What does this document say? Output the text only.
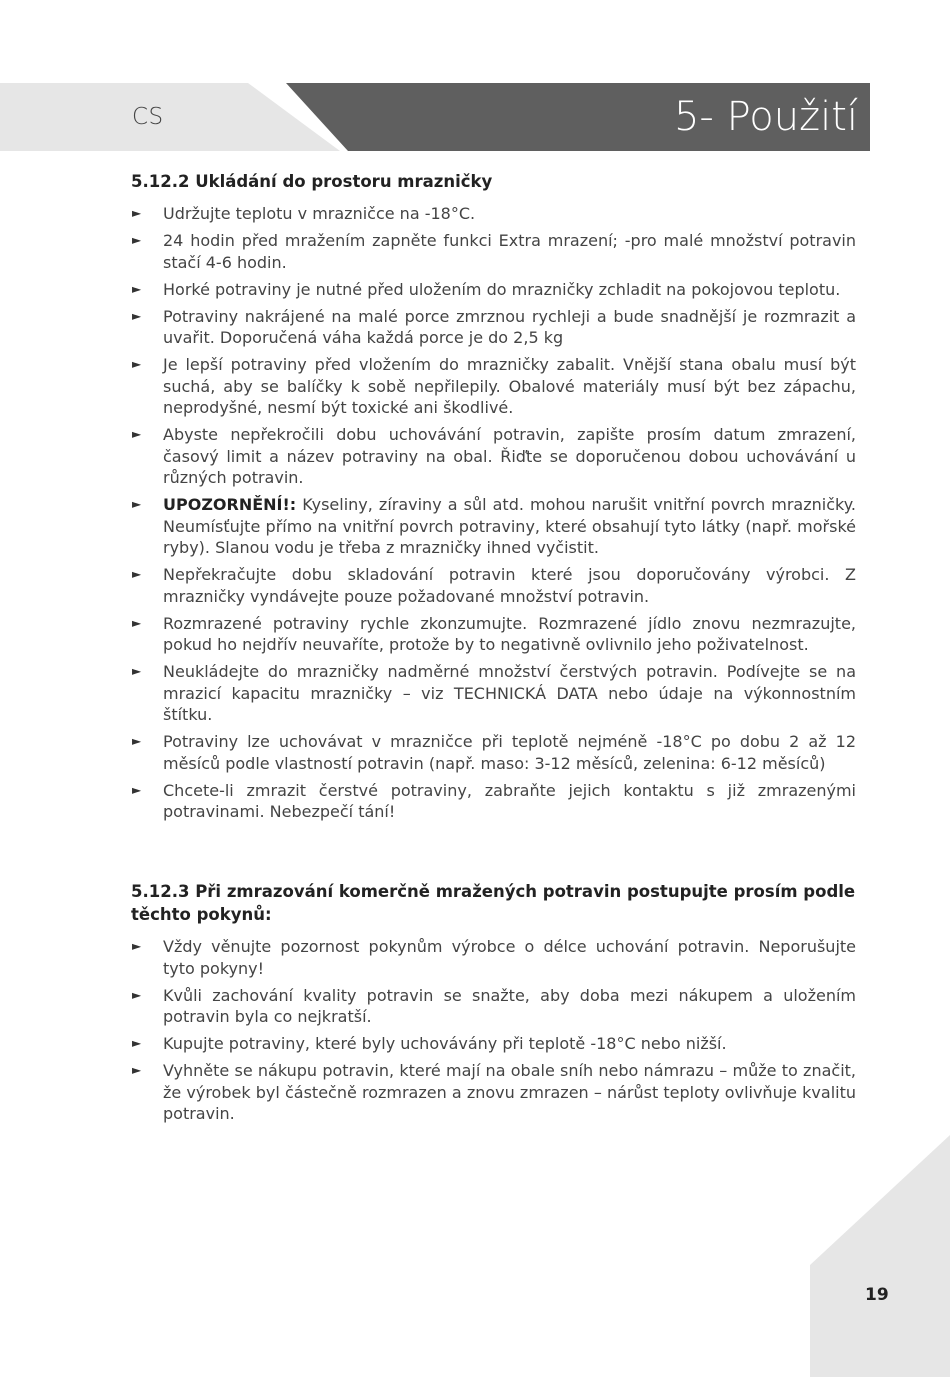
CS	5- Použití
5.12.2 Ukládání do prostoru mrazničky
► Udržujte teplotu v mrazničce na -18°C.
► 24 hodin před mražením zapněte funkci Extra mrazení; -pro malé množství potravin stačí 4-6 hodin.
► Horké potraviny je nutné před uložením do mrazničky zchladit na pokojovou teplotu.
► Potraviny nakrájené na malé porce zmrznou rychleji a bude snadnější je rozmrazit a uvařit. Doporučená váha každá porce je do 2,5 kg
► Je lepší potraviny před vložením do mrazničky zabalit. Vnější stana obalu musí být suchá, aby se balíčky k sobě nepřilepily. Obalové materiály musí být bez zápachu, neprodyšné, nesmí být toxické ani škodlivé.
► Abyste nepřekročili dobu uchovávání potravin, zapište prosím datum zmrazení, časový limit a název potraviny na obal. Řiďte se doporučenou dobou uchovávání u různých potravin.
► UPOZORNĚNÍ!: Kyseliny, zíraviny a sůl atd. mohou narušit vnitřní povrch mrazničky. Neumísťujte přímo na vnitřní povrch potraviny, které obsahují tyto látky (např. mořské ryby). Slanou vodu je třeba z mrazničky ihned vyčistit.
► Nepřekračujte dobu skladování potravin které jsou doporučovány výrobci. Z mrazničky vyndávejte pouze požadované množství potravin.
► Rozmrazené potraviny rychle zkonzumujte. Rozmrazené jídlo znovu nezmrazujte, pokud ho nejdřív neuvaříte, protože by to negativně ovlivnilo jeho poživatelnost.
► Neukládejte do mrazničky nadměrné množství čerstvých potravin. Podívejte se na mrazicí kapacitu mrazničky – viz TECHNICKÁ DATA nebo údaje na výkonnostním štítku.
► Potraviny lze uchovávat v mrazničce při teplotě nejméně -18°C po dobu 2 až 12 měsíců podle vlastností potravin (např. maso: 3-12 měsíců, zelenina: 6-12 měsíců)
► Chcete-li zmrazit čerstvé potraviny, zabraňte jejich kontaktu s již zmrazenými potravinami. Nebezpečí tání!
5.12.3 Při zmrazování komerčně mražených potravin postupujte prosím podle těchto pokynů:
► Vždy věnujte pozornost pokynům výrobce o délce uchování potravin. Neporušujte tyto pokyny!
► Kvůli zachování kvality potravin se snažte, aby doba mezi nákupem a uložením potravin byla co nejkratší.
► Kupujte potraviny, které byly uchovávány při teplotě -18°C nebo nižší.
► Vyhněte se nákupu potravin, které mají na obale sníh nebo námrazu – může to značit, že výrobek byl částečně rozmrazen a znovu zmrazen – nárůst teploty ovlivňuje kvalitu potravin.
19
